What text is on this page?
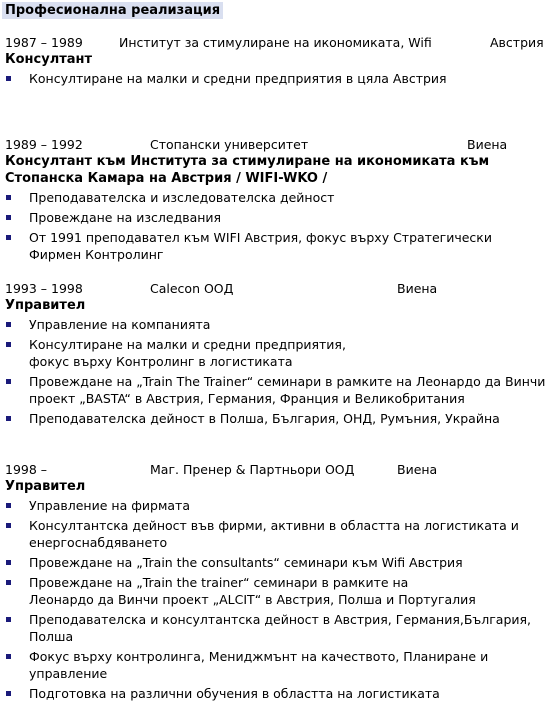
Професионална реализация
1987 – 1989	Институт за стимулиране на икономиката, Wifi	Австрия
Консултант
Консултиране на малки и средни предприятия в цяла Австрия
1989 – 1992	Стопански университет	Виена
Консултант към Института за стимулиране на икономиката към Стопанска Камара на Австрия / WIFI-WKO /
Преподавателска и изследователска дейност
Провеждане на изследвания
От 1991 преподавател към WIFI Австрия, фокус върху Стратегически Фирмен Контролинг
1993 – 1998	Calecon ООД	Виена
Управител
Управление на компанията
Консултиране на малки и средни предприятия,
фокус върху Контролинг в логистиката
Провеждане на „Train The Trainer“ семинари в рамките на Леонардо да Винчи проект „BASTA“ в Австрия, Германия, Франция и Великобритания
Преподавателска дейност в Полша, България, ОНД, Румъния, Украйна
1998 –	Маг. Пренер & Партньори ООД	Виена
Управител
Управление на фирмата
Консултантска дейност във фирми, активни в областта на логистиката и енергоснабдяването
Провеждане на „Train the consultants“ семинари към Wifi Австрия
Провеждане на „Train the trainer“ семинари в рамките на
Леонардо да Винчи проект „ALCIT“ в Австрия, Полша и Португалия
Преподавателска и консултантска дейност в Австрия, Германия,България, Полша
Фокус върху контролинга, Мениджмънт на качеството, Планиране и управление
Подготовка на различни обучения в областта на логистиката
